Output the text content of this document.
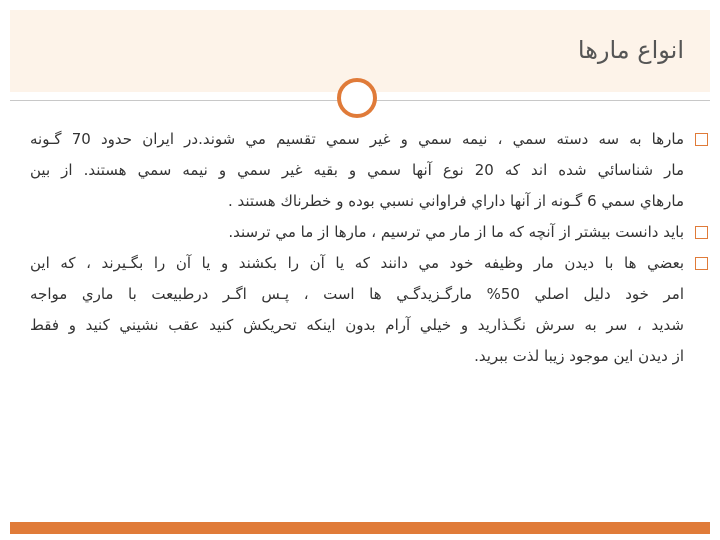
انواع مارها
مارها به سه دسته سمي ، نيمه سمي و غير سمي تقسيم مي شوند.در ايران حدود 70 گـونه
مار شناسائي شده اند كه 20 نوع آنها سمي و بقيه غير سمي و نيمه سمي هستند. از بين
مارهاي سمي 6 گـونه از آنها داراي فراواني نسبي بوده و خطرناك هستند .
بايد دانست بيشتر از آنچه كه ما از مار مي ترسيم ، مارها از ما مي ترسند.
بعضي ها با ديدن مار وظيفه خود مي دانند كه يا آن را بكشند و يا آن را بگـيرند ، كه اين
امر خود دليل اصلي 50% مارگـزيدگـي ها است ، پـس اگـر درطبيعت با ماري مواجه
شديد ، سر به سرش نگـذاريد و خيلي آرام بدون اينكه تحريكش كنيد عقب نشيني كنيد و فقط
از ديدن اين موجود زيبا لذت ببريد.
